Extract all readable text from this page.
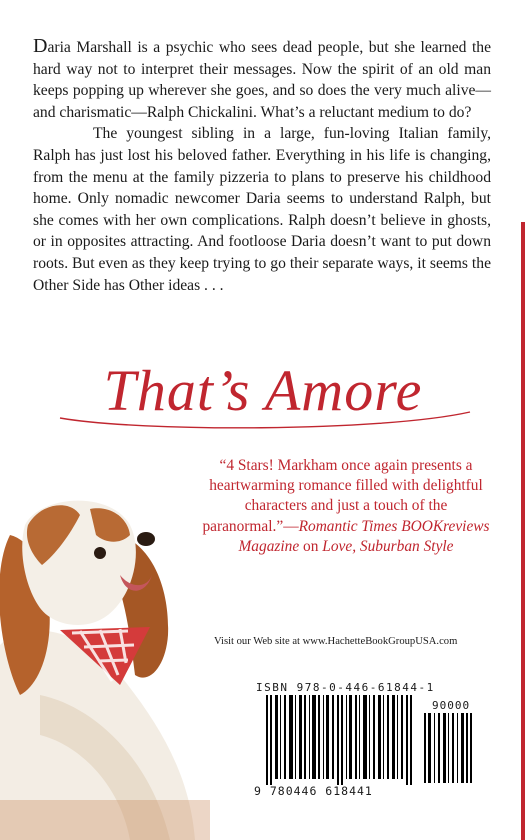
Daria Marshall is a psychic who sees dead people, but she learned the hard way not to interpret their messages. Now the spirit of an old man keeps popping up wherever she goes, and so does the very much alive—and charismatic—Ralph Chickalini. What’s a reluctant medium to do?

The youngest sibling in a large, fun-loving Italian family, Ralph has just lost his beloved father. Everything in his life is changing, from the menu at the family pizzeria to plans to preserve his childhood home. Only nomadic newcomer Daria seems to understand Ralph, but she comes with her own complications. Ralph doesn’t believe in ghosts, or in opposites attracting. And footloose Daria doesn’t want to put down roots. But even as they keep trying to go their separate ways, it seems the Other Side has Other ideas . . .

That’s Amore
“4 Stars! Markham once again presents a heartwarming romance filled with delightful characters and just a touch of the paranormal.”—Romantic Times BOOKreviews Magazine on Love, Suburban Style
Visit our Web site at www.HachetteBookGroupUSA.com
ISBN 978-0-446-61844-1
90000
9 780446 618441
